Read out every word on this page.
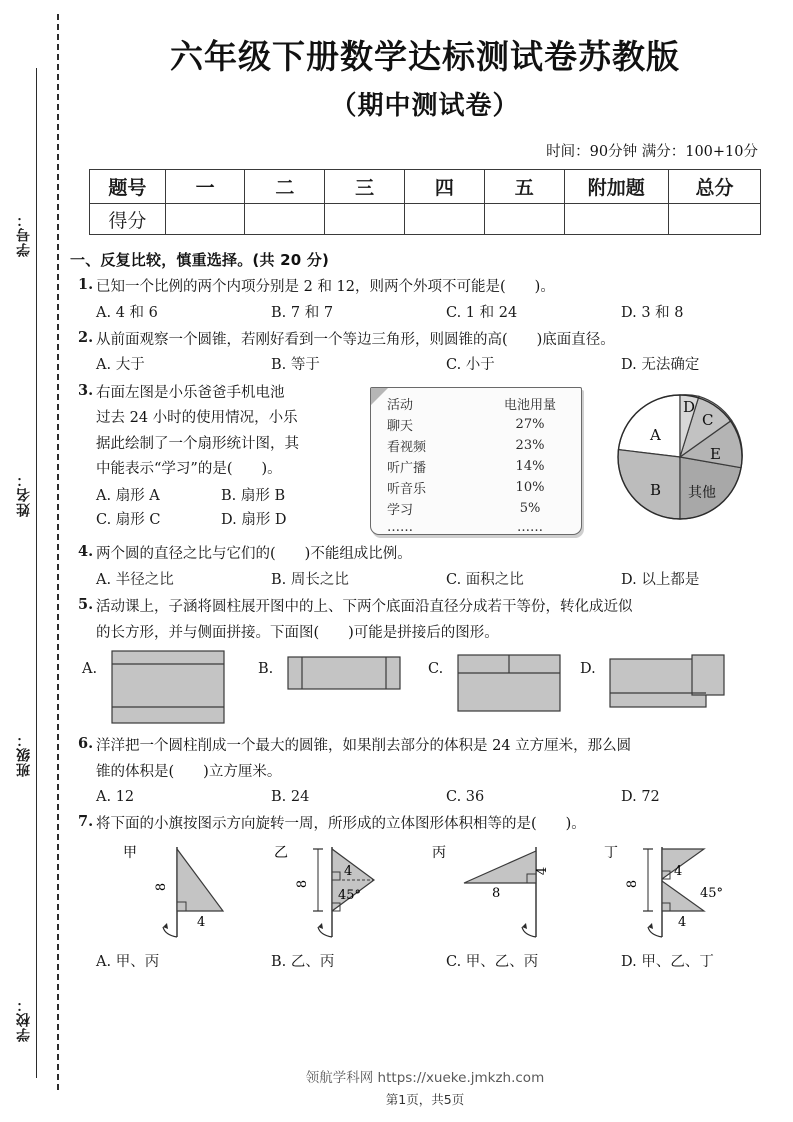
学号：
姓名：
班级：
学校：
六年级下册数学达标测试卷苏教版
（期中测试卷）
时间：90分钟 满分：100+10分
题号	一	二	三	四	五	附加题	总分
得分							
一、反复比较，慎重选择。(共 20 分)
1. 已知一个比例的两个内项分别是 2 和 12，则两个外项不可能是(　　)。
A. 4 和 6	B. 7 和 7	C. 1 和 24	D. 3 和 8
2. 从前面观察一个圆锥，若刚好看到一个等边三角形，则圆锥的高(　　)底面直径。
A. 大于	B. 等于	C. 小于	D. 无法确定
3. 右面左图是小乐爸爸手机电池
过去 24 小时的使用情况，小乐
据此绘制了一个扇形统计图，其
中能表示“学习”的是(　　)。
A. 扇形 A	B. 扇形 B
C. 扇形 C	D. 扇形 D
活动	电池用量
聊天	27%
看视频	23%
听广播	14%
听音乐	10%
学习	5%
……	……
A
B
D
C
E
其他
4. 两个圆的直径之比与它们的(　　)不能组成比例。
A. 半径之比	B. 周长之比	C. 面积之比	D. 以上都是
5. 活动课上，子涵将圆柱展开图中的上、下两个底面沿直径分成若干等份，转化成近似
的长方形，并与侧面拼接。下面图(　　)可能是拼接后的图形。
A.	B.	C.	D.
6. 洋洋把一个圆柱削成一个最大的圆锥，如果削去部分的体积是 24 立方厘米，那么圆
锥的体积是(　　)立方厘米。
A. 12	B. 24	C. 36	D. 72
7. 将下面的小旗按图示方向旋转一周，所形成的立体图形体积相等的是(　　)。
甲
8
4
乙
8
4
45°
丙
4
8
丁
8
4
45°
4
A. 甲、丙	B. 乙、丙	C. 甲、乙、丙	D. 甲、乙、丁
领航学科网 https://xueke.jmkzh.com
第1页，共5页
